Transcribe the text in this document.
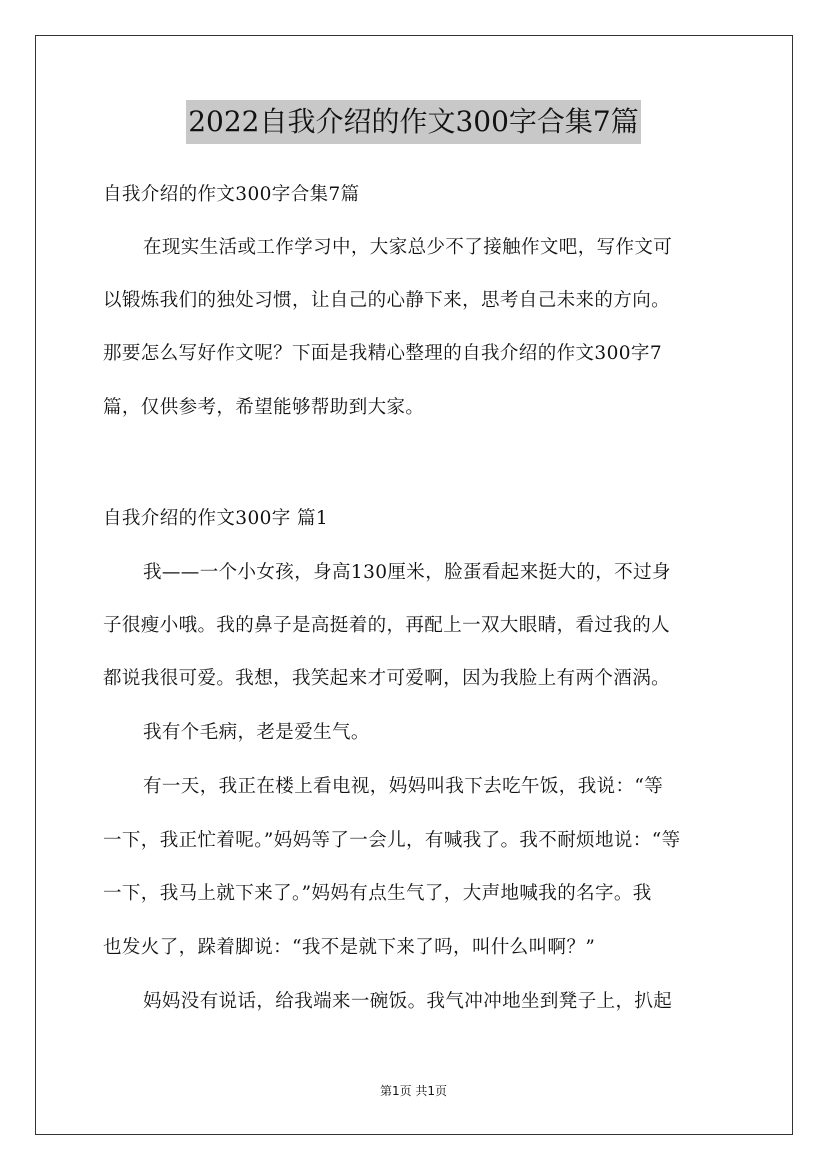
2022自我介绍的作文300字合集7篇
自我介绍的作文300字合集7篇
在现实生活或工作学习中，大家总少不了接触作文吧，写作文可
以锻炼我们的独处习惯，让自己的心静下来，思考自己未来的方向。
那要怎么写好作文呢？下面是我精心整理的自我介绍的作文300字7
篇，仅供参考，希望能够帮助到大家。
自我介绍的作文300字 篇1
我——一个小女孩，身高130厘米，脸蛋看起来挺大的，不过身
子很瘦小哦。我的鼻子是高挺着的，再配上一双大眼睛，看过我的人
都说我很可爱。我想，我笑起来才可爱啊，因为我脸上有两个酒涡。
我有个毛病，老是爱生气。
有一天，我正在楼上看电视，妈妈叫我下去吃午饭，我说：“等
一下，我正忙着呢。”妈妈等了一会儿，有喊我了。我不耐烦地说：“等
一下，我马上就下来了。”妈妈有点生气了，大声地喊我的名字。我
也发火了，跺着脚说：“我不是就下来了吗，叫什么叫啊？”
妈妈没有说话，给我端来一碗饭。我气冲冲地坐到凳子上，扒起
第1页 共1页
